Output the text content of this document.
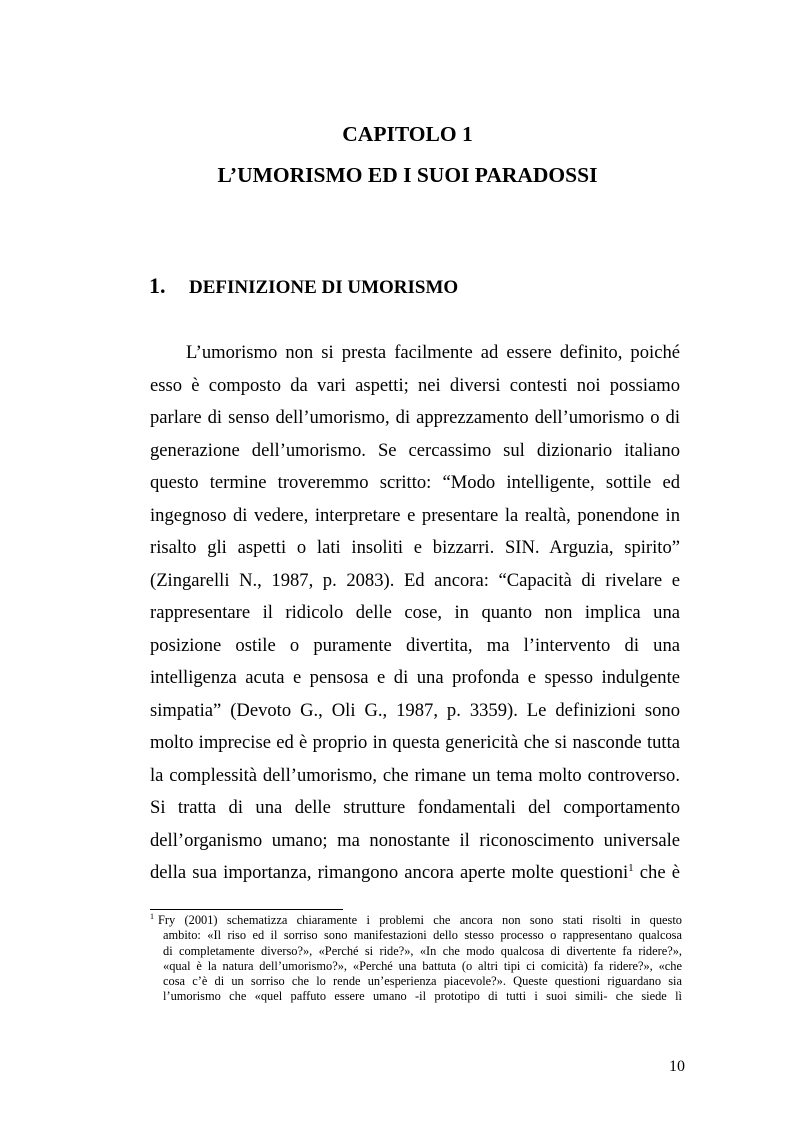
CAPITOLO 1
L’UMORISMO ED I SUOI PARADOSSI
1. DEFINIZIONE DI UMORISMO

L’umorismo non si presta facilmente ad essere definito, poiché
esso è composto da vari aspetti; nei diversi contesti noi possiamo
parlare di senso dell’umorismo, di apprezzamento dell’umorismo o di
generazione dell’umorismo. Se cercassimo sul dizionario italiano
questo termine troveremmo scritto: “Modo intelligente, sottile ed
ingegnoso di vedere, interpretare e presentare la realtà, ponendone in
risalto gli aspetti o lati insoliti e bizzarri. SIN. Arguzia, spirito”
(Zingarelli N., 1987, p. 2083). Ed ancora: “Capacità di rivelare e
rappresentare il ridicolo delle cose, in quanto non implica una
posizione ostile o puramente divertita, ma l’intervento di una
intelligenza acuta e pensosa e di una profonda e spesso indulgente
simpatia” (Devoto G., Oli G., 1987, p. 3359). Le definizioni sono
molto imprecise ed è proprio in questa genericità che si nasconde tutta
la complessità dell’umorismo, che rimane un tema molto controverso.
Si tratta di una delle strutture fondamentali del comportamento
dell’organismo umano; ma nonostante il riconoscimento universale
della sua importanza, rimangono ancora aperte molte questioni$^1$ che è

$^1$ Fry (2001) schematizza chiaramente i problemi che ancora non sono stati risolti in questo
ambito: «Il riso ed il sorriso sono manifestazioni dello stesso processo o rappresentano qualcosa
di completamente diverso?», «Perché si ride?», «In che modo qualcosa di divertente fa ridere?»,
«qual è la natura dell’umorismo?», «Perché una battuta (o altri tipi ci comicità) fa ridere?», «che
cosa c’è di un sorriso che lo rende un’esperienza piacevole?». Queste questioni riguardano sia
l’umorismo che «quel paffuto essere umano -il prototipo di tutti i suoi simili- che siede lì

10
